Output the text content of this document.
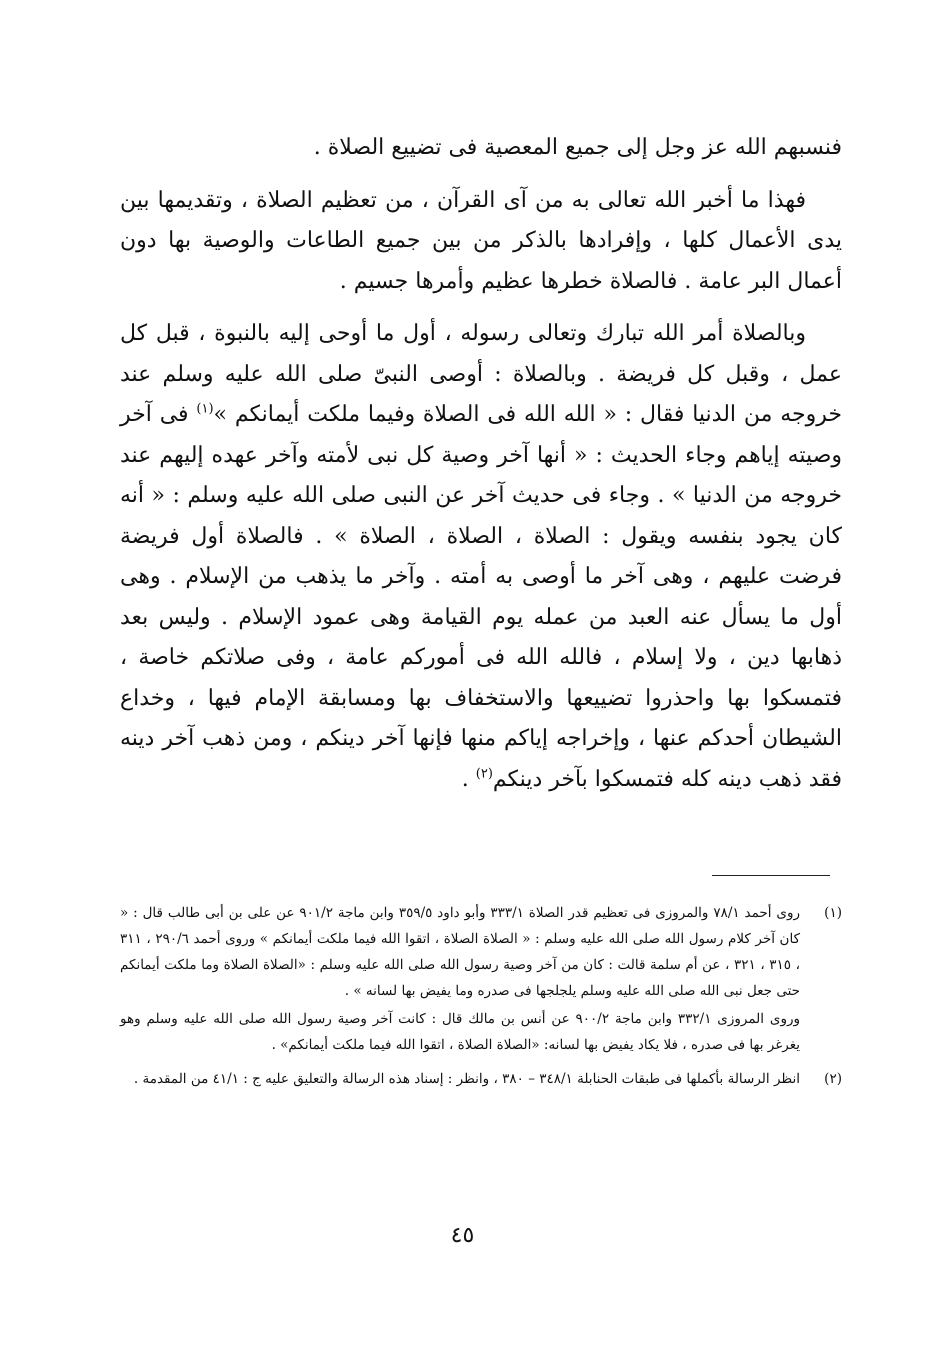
فنسبهم الله عز وجل إلى جميع المعصية فى تضييع الصلاة .

فهذا ما أخبر الله تعالى به من آى القرآن ، من تعظيم الصلاة ، وتقديمها بين يدى الأعمال كلها ، وإفرادها بالذكر من بين جميع الطاعات والوصية بها دون أعمال البر عامة . فالصلاة خطرها عظيم وأمرها جسيم .

وبالصلاة أمر الله تبارك وتعالى رسوله ، أول ما أوحى إليه بالنبوة ، قبل كل عمل ، وقبل كل فريضة . وبالصلاة : أوصى النبىّ صلى الله عليه وسلم عند خروجه من الدنيا فقال : « الله الله فى الصلاة وفيما ملكت أيمانكم »$^{(١)}$ فى آخر وصيته إياهم وجاء الحديث : « أنها آخر وصية كل نبى لأمته وآخر عهده إليهم عند خروجه من الدنيا » . وجاء فى حديث آخر عن النبى صلى الله عليه وسلم : « أنه كان يجود بنفسه ويقول : الصلاة ، الصلاة ، الصلاة » . فالصلاة أول فريضة فرضت عليهم ، وهى آخر ما أوصى به أمته . وآخر ما يذهب من الإسلام . وهى أول ما يسأل عنه العبد من عمله يوم القيامة وهى عمود الإسلام . وليس بعد ذهابها دين ، ولا إسلام ، فالله الله فى أموركم عامة ، وفى صلاتكم خاصة ، فتمسكوا بها واحذروا تضييعها والاستخفاف بها ومسابقة الإمام فيها ، وخداع الشيطان أحدكم عنها ، وإخراجه إياكم منها فإنها آخر دينكم ، ومن ذهب آخر دينه فقد ذهب دينه كله فتمسكوا بآخر دينكم$^{(٢)}$ .

(١)

روى أحمد ٧٨/١ والمروزى فى تعظيم قدر الصلاة ٣٣٣/١ وأبو داود ٣٥٩/٥ وابن ماجة ٩٠١/٢ عن على بن أبى طالب قال : « كان آخر كلام رسول الله صلى الله عليه وسلم : « الصلاة الصلاة ، اتقوا الله فيما ملكت أيمانكم » وروى أحمد ٢٩٠/٦ ، ٣١١ ، ٣١٥ ، ٣٢١ ، عن أم سلمة قالت : كان من آخر وصية رسول الله صلى الله عليه وسلم : «الصلاة الصلاة وما ملكت أيمانكم حتى جعل نبى الله صلى الله عليه وسلم يلجلجها فى صدره وما يفيض بها لسانه » .

وروى المروزى ٣٣٢/١ وابن ماجة ٩٠٠/٢ عن أنس بن مالك قال : كانت آخر وصية رسول الله صلى الله عليه وسلم وهو يغرغر بها فى صدره ، فلا يكاد يفيض بها لسانه: «الصلاة الصلاة ، اتقوا الله فيما ملكت أيمانكم» .

(٢)

انظر الرسالة بأكملها فى طبقات الحنابلة ٣٤٨/١ – ٣٨٠ ، وانظر : إسناد هذه الرسالة والتعليق عليه ج : ٤١/١ من المقدمة .

٤٥
